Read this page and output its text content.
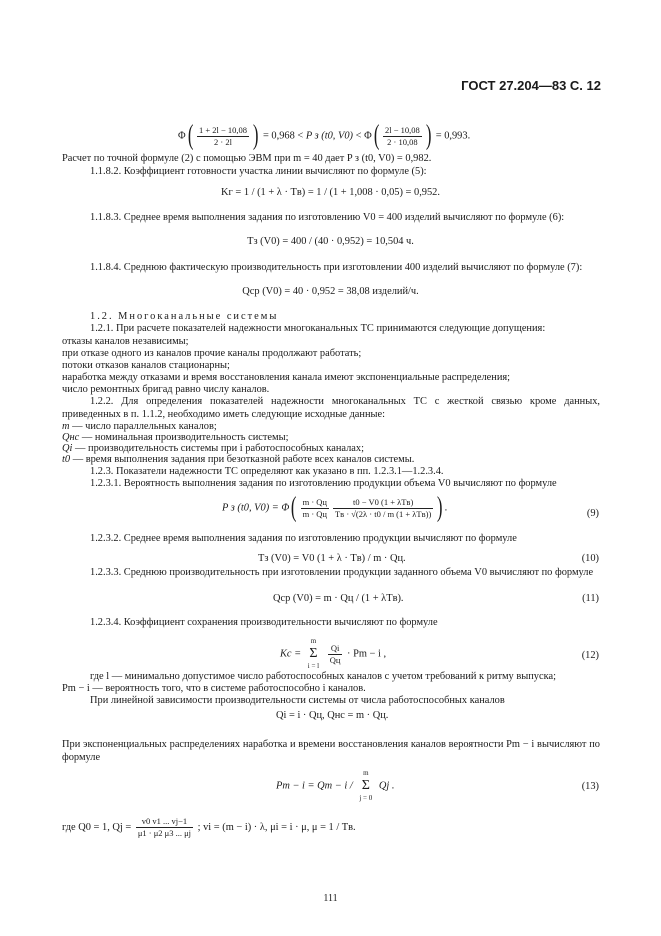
ГОСТ 27.204—83 С. 12
$\Phi( \frac{1 + 2l - 10,08}{2 \cdot 2l}$ ) = 0,968 < P з (t0, $V0) < \Phi( \frac{2l - 10,08}{2 \cdot 10,08}$ ) = 0,993.
Расчет по точной формуле (2) с помощью ЭВМ при m = 40 дает P з (t0, V0) = 0,982.
1.1.8.2. Коэффициент готовности участка линии вычисляют по формуле (5):
Kг = 1 / (1 + λ · Tв) = 1 / (1 + 1,008 · 0,05) = 0,952.
1.1.8.3. Среднее время выполнения задания по изготовлению V0 = 400 изделий вычисляют по формуле (6):
Tз (V0) = 400 / (40 · 0,952) = 10,504 ч.
1.1.8.4. Среднюю фактическую производительность при изготовлении 400 изделий вычисляют по формуле (7):
Qср (V0) = 40 · 0,952 = 38,08 изделий/ч.
1.2. Многоканальные системы
1.2.1. При расчете показателей надежности многоканальных ТС принимаются следующие допущения:
отказы каналов независимы;
при отказе одного из каналов прочие каналы продолжают работать;
потоки отказов каналов стационарны;
наработка между отказами и время восстановления канала имеют экспоненциальные распределения;
число ремонтных бригад равно числу каналов.
1.2.2. Для определения показателей надежности многоканальных ТС с жесткой связью кроме данных, приведенных в п. 1.1.2, необходимо иметь следующие исходные данные:
m — число параллельных каналов;
Qнс — номинальная производительность системы;
Qi — производительность системы при i работоспособных каналах;
t0 — время выполнения задания при безотказной работе всех каналов системы.
1.2.3. Показатели надежности ТС определяют как указано в пп. 1.2.3.1—1.2.3.4.
1.2.3.1. Вероятность выполнения задания по изготовлению продукции объема V0 вычисляют по формуле
P з (t0, $V0) = \Phi( \frac{m \cdot Qц}{m \cdot Qц} \frac{\text{t0 − V0 (1 + λTв)}}{\text{Tв · √(2λ · t0 / m (1 + λTв))}}$ ) .
(9)
1.2.3.2. Среднее время выполнения задания по изготовлению продукции вычисляют по формуле
Tз (V0) = V0 (1 + λ · Tв) / m · Qц.	(10)
1.2.3.3. Среднюю производительность при изготовлении продукции заданного объема V0 вычисляют по формуле
Qср (V0) = m · Qц / (1 + λTв).	(11)
1.2.3.4. Коэффициент сохранения производительности вычисляют по формуле
Kс =
m
Σ
i = l

$\frac{Qi}{Qц} \cdot Pm - i$ ,	(12)
где l — минимально допустимое число работоспособных каналов с учетом требований к ритму выпуска;
Pm − i — вероятность того, что в системе работоспособно i каналов.
При линейной зависимости производительности системы от числа работоспособных каналов
Qi = i · Qц, Qнс = m · Qц.
При экспоненциальных распределениях наработка и времени восстановления каналов вероятности Pm − i вычисляют по формуле
Pm − i = Qm − i /
m
Σ
j = 0
Qj .	(13)
где Q0 = 1, $Qj = \frac{v0 v1 ... vj-1}{\mu 1 \cdot \mu 2 \mu 3 ... \mu j}$ ; vi = (m − i) · λ, μi = i · μ, μ = 1 / Tв.
111
